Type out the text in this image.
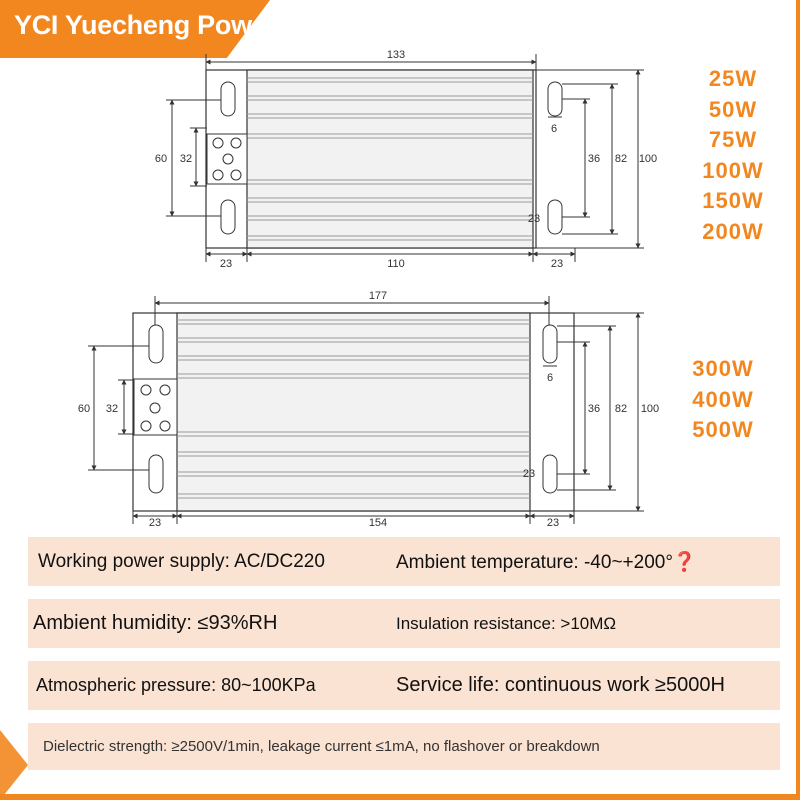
YCI Yuecheng Power
133
23	110	23
36 82 100
6
23
60 32
177
23	154	23
36 82 100
6
23
60 32
25W
50W
75W
100W
150W
200W
300W
400W
500W
Working power supply: AC/DC220	Ambient temperature: -40~+200°❓
Ambient humidity: ≤93%RH	Insulation resistance: >10MΩ
Atmospheric pressure: 80~100KPa	Service life: continuous work ≥5000H
Dielectric strength: ≥2500V/1min, leakage current ≤1mA, no flashover or breakdown
